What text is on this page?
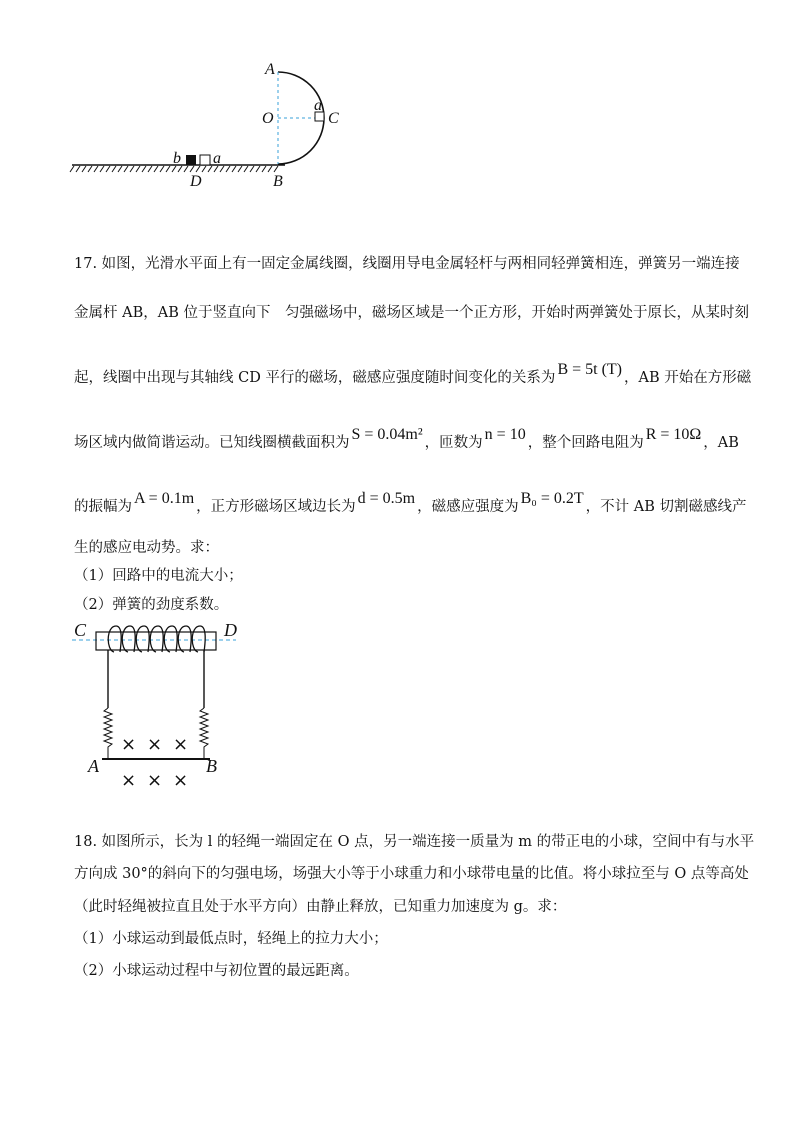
A
O
a
C
b a
D	B
17. 如图，光滑水平面上有一固定金属线圈，线圈用导电金属轻杆与两相同轻弹簧相连，弹簧另一端连接
金属杆 AB，AB 位于竖直向下　匀强磁场中，磁场区域是一个正方形，开始时两弹簧处于原长，从某时刻
起，线圈中出现与其轴线 CD 平行的磁场，磁感应强度随时间变化的关系为 B = 5t (T) ，AB 开始在方形磁
场区域内做简谐运动。已知线圈横截面积为 S = 0.04m² ，匝数为 n = 10 ，整个回路电阻为 R = 10Ω ，AB
的振幅为 A = 0.1m ，正方形磁场区域边长为 d = 0.5m ，磁感应强度为 B₀ = 0.2T ，不计 AB 切割磁感线产
生的感应电动势。求：
（1）回路中的电流大小；
（2）弹簧的劲度系数。
× × ×
× × ×
C	D
A	B
18. 如图所示，长为 l 的轻绳一端固定在 O 点，另一端连接一质量为 m 的带正电的小球，空间中有与水平
方向成 30°的斜向下的匀强电场，场强大小等于小球重力和小球带电量的比值。将小球拉至与 O 点等高处
（此时轻绳被拉直且处于水平方向）由静止释放，已知重力加速度为 g。求：
（1）小球运动到最低点时，轻绳上的拉力大小；
（2）小球运动过程中与初位置的最远距离。
